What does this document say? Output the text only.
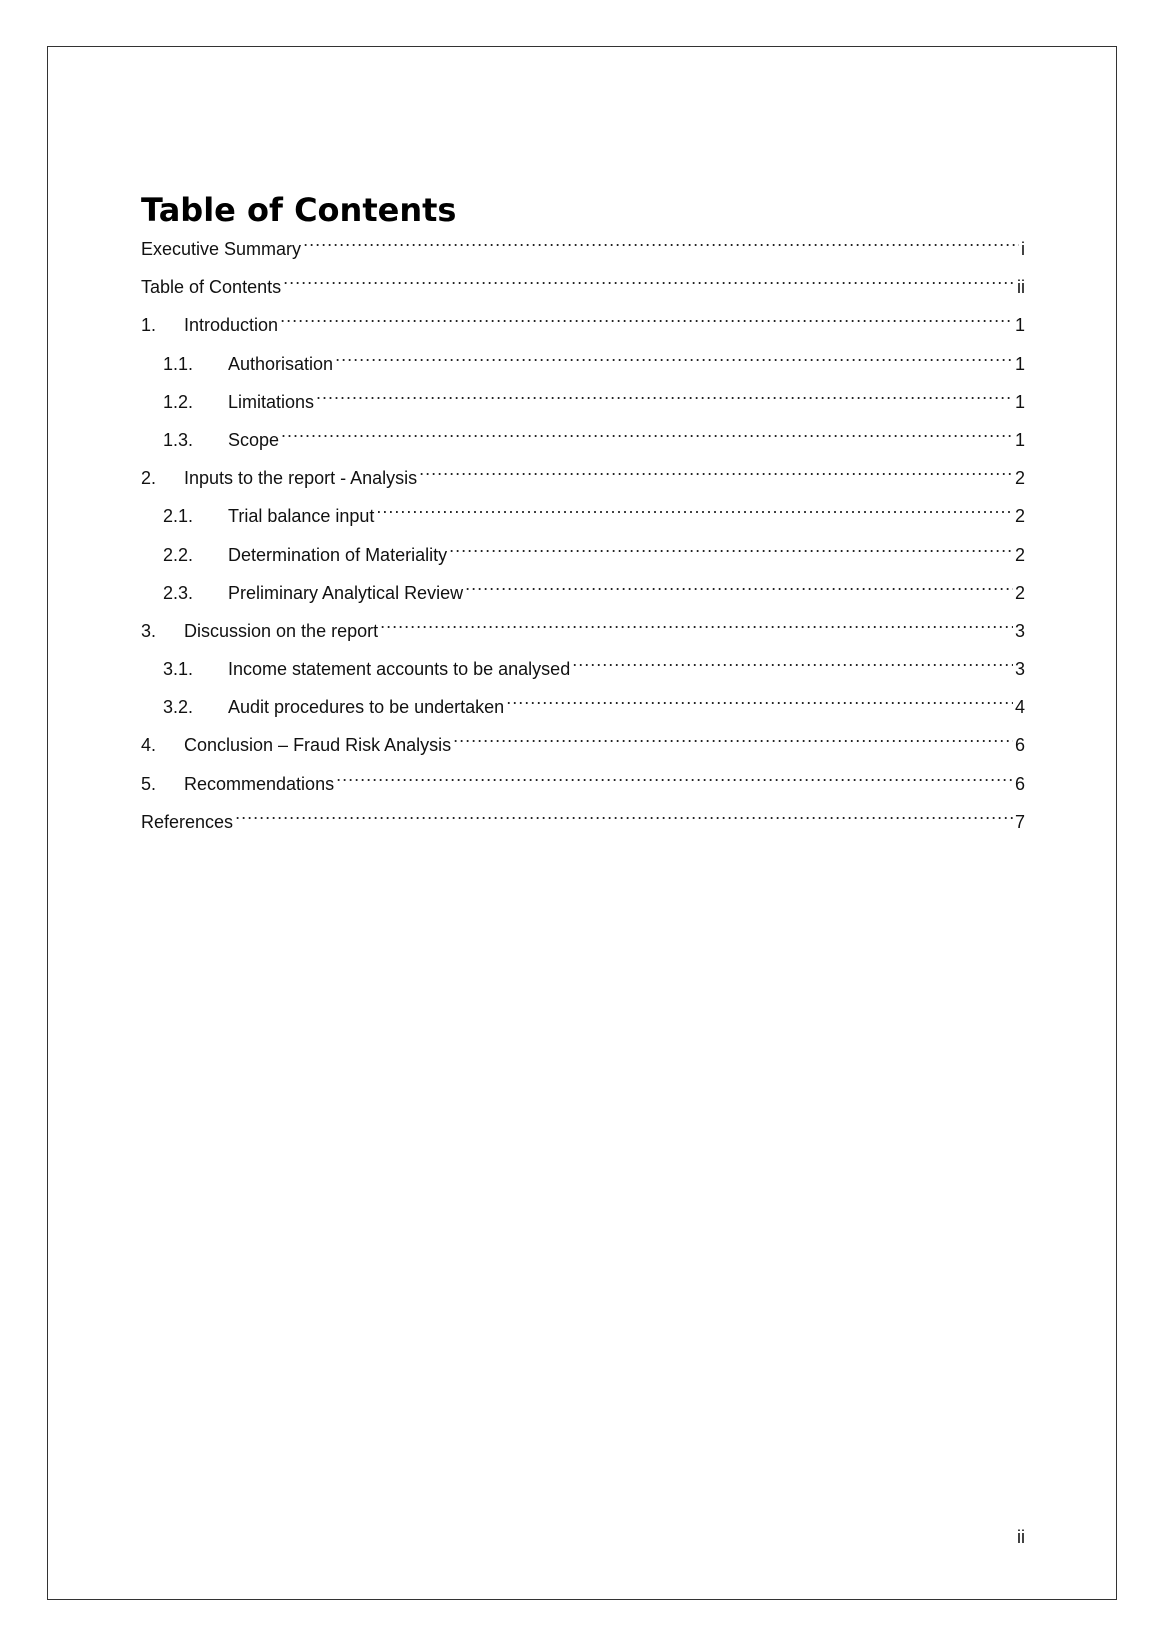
Table of Contents
Executive Summary .....	i
Table of Contents .....	ii
1.	Introduction .....	1
1.1.	Authorisation .....	1
1.2.	Limitations .....	1
1.3.	Scope .....	1
2.	Inputs to the report - Analysis .....	2
2.1.	Trial balance input .....	2
2.2.	Determination of Materiality .....	2
2.3.	Preliminary Analytical Review .....	2
3.	Discussion on the report .....	3
3.1.	Income statement accounts to be analysed .....	3
3.2.	Audit procedures to be undertaken .....	4
4.	Conclusion – Fraud Risk Analysis .....	6
5.	Recommendations .....	6
References .....	7
ii
